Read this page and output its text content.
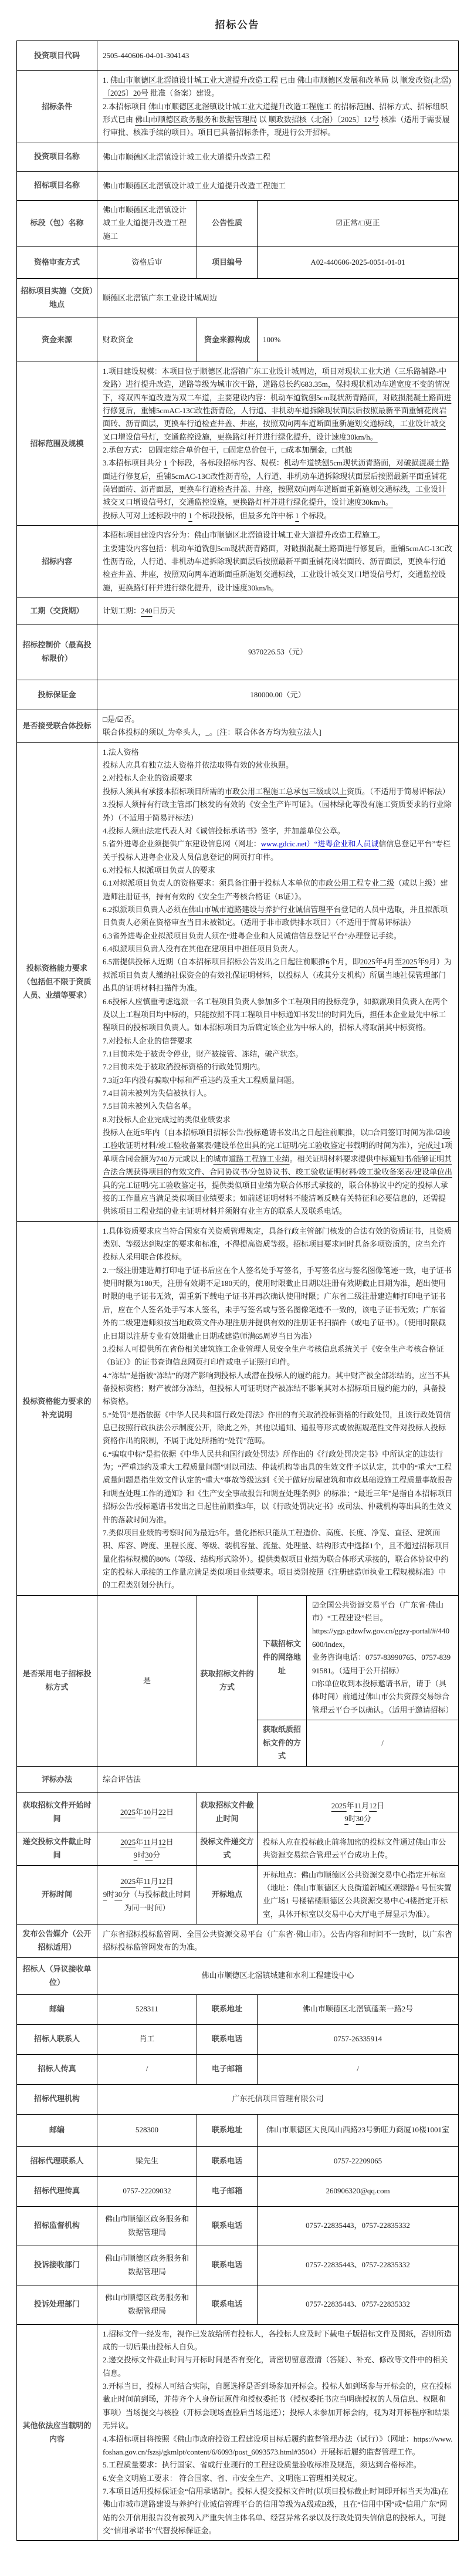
招标公告
投资项目代码	2505-440606-04-01-304143			
招标条件	1. 佛山市顺德区北滘镇设计城工业大道提升改造工程 已由 佛山市顺德区发展和改革局 以 顺发改资(北滘)〔2025〕20号 批准（备案）建设。
2.本招标项目 佛山市顺德区北滘镇设计城工业大道提升改造工程施工 的招标范围、招标方式、招标组织形式已由 佛山市顺德区政务服务和数据管理局 以 顺政数招核（北滘）〔2025〕12号 核准（适用于需要履行审批、核准手续的项目）。项目已具备招标条件，现进行公开招标。			

投资项目名称	佛山市顺德区北滘镇设计城工业大道提升改造工程			
招标项目名称	佛山市顺德区北滘镇设计城工业大道提升改造工程施工			
标段（包）名称	佛山市顺德区北滘镇设计城工业大道提升改造工程施工	公告性质	☑正常/□更正	
资格审查方式	资格后审	项目编号	A02-440606-2025-0051-01-01	
招标项目实施（交货）地点	顺德区北滘镇广东工业设计城周边			
资金来源	财政资金	资金来源构成	100%	
招标范围及规模	1.项目建设规模：本项目位于顺德区北滘镇广东工业设计城周边，项目对现状工业大道（三乐路辅路-中发路）进行提升改造，道路等级为城市次干路，道路总长约683.35m，保持现状机动车道宽度不变的情况下，将双四车道改造为双二车道，主要建设内容：机动车道铣刨5cm现状沥青路面，对破损混凝土路面进行修复后，重铺5cmAC-13C改性沥青砼，人行道、非机动车道拆除现状面层后按照最新平面重铺花岗岩面砖、沥青面层，更换车行道检查井盖、井座，按照双向两车道断面重新施划交通标线，工业设计城交叉口增设信号灯，交通监控设施，更换路灯杆并进行绿化提升，设计速度30km/h。
2.承包方式： ☑固定综合单价包干，□固定总价包干，□成本加酬金，□其他
3.本招标项目共分 1 个标段，各标段招标内容、规模：机动车道铣刨5cm现状沥青路面，对破损混凝土路面进行修复后，重铺5cmAC-13C改性沥青砼，人行道、非机动车道拆除现状面层后按照最新平面重铺花岗岩面砖、沥青面层，更换车行道检查井盖、井座，按照双向两车道断面重新施划交通标线，工业设计城交叉口增设信号灯，交通监控设施，更换路灯杆并进行绿化提升，设计速度30km/h。
投标人可对上述标段中的 1 个标段投标，但最多允许中标 1 个标段。			

招标内容	本招标项目建设内容分为：佛山市顺德区北滘镇设计城工业大道提升改造工程施工。
主要建设内容包括：机动车道铣刨5cm现状沥青路面，对破损混凝土路面进行修复后，重铺5cmAC-13C改性沥青砼，人行道、非机动车道拆除现状面层后按照最新平面重铺花岗岩面砖、沥青面层，更换车行道检查井盖、井座，按照双向两车道断面重新施划交通标线，工业设计城交叉口增设信号灯，交通监控设施，更换路灯杆并进行绿化提升，设计速度30km/h。			

工期（交货期）	计划工期：240日历天			

招标控制价（最高投标限价）	9370226.53（元）			
投标保证金	180000.00（元）			
是否接受联合体投标	□是/☑否。
联合体投标的须以_为牵头人，_。[注：联合体各方均为独立法人]			

投标资格能力要求（包括但不限于资质人员、业绩等要求）	
1.法人资格
投标人应具有独立法人资格并依法取得有效的营业执照。
2.对投标人企业的资质要求
投标人须具有承接本招标项目所需的市政公用工程施工总承包三级或以上资质。（不适用于简易评标法）
3.投标人须持有行政主管部门核发的有效的《安全生产许可证》。（园林绿化等没有施工资质要求的行业除外）（不适用于简易评标法）
4.投标人须由法定代表人对《诚信投标承诺书》签字，并加盖单位公章。
5.省外进粤企业须提供广东建设信息网（网址：www.gdcic.net）“进粤企业和人员诚信信息登记平台”专栏关于投标人进粤企业及人员信息登记的网页打印件。
6.对投标人拟派项目负责人的要求
6.1对拟派项目负责人的资格要求：须具备注册于投标人本单位的市政公用工程专业二级（或以上级）建造师注册证书，持有有效的《安全生产考核合格证（B证）》。
6.2拟派项目负责人必须在佛山市城市道路建设与养护行业诚信管理平台登记的人员中选取，并且拟派项目负责人必须在资格审查当日未被锁定。（适用于非市政供排水项目）（不适用于简易评标法）
6.3省外进粤企业拟派项目负责人须在“进粤企业和人员诚信信息登记平台”办理登记手续。
6.4拟派项目负责人没有在其他在建项目中担任项目负责人。
6.5需提供投标人近期（自本招标项目招标公告发出之日起往前顺推6个月，即2025年4月至2025年9月）为拟派项目负责人缴纳社保资金的有效社保证明材料，以投标人（或其分支机构）所属当地社保管理部门出具的证明材料扫描件为准。
6.6投标人应慎重考虑选派一名工程项目负责人参加多个工程项目的投标竞争，如拟派项目负责人在两个及以上工程项目均中标的，只能按照不同工程项目中标通知书发出的时间先后，担任本企业最先中标工程项目的投标项目负责人。如本招标项目为后确定该企业为中标人的，招标人将取消其中标资格。
7.对投标人企业的信誉要求
7.1目前未处于被责令停业，财产被接管、冻结，破产状态。
7.2目前未处于被取消投标资格的行政处罚期内。
7.3近3年内没有骗取中标和严重违约及重大工程质量问题。
7.4目前未被列为失信被执行人。
7.5目前未被列入失信名单。
8.对投标人企业完成过的类似业绩要求
投标人在近5年内（自本招标项目招标公告/投标邀请书发出之日起往前顺推，以□合同签订时间为准/☑竣工验收证明材料/竣工验收备案表/建设单位出具的完工证明/完工验收鉴定书载明的时间为准），完成过1项单项合同金额为740万元或以上的城市道路工程施工业绩。相关证明材料要求提供中标通知书/能够证明其合法合规获得项目的有效文件、合同协议书/分包协议书、竣工验收证明材料/竣工验收备案表/建设单位出具的完工证明/完工验收鉴定书，提供类似项目业绩为联合体形式承接的，联合体协议中约定的投标人承接的工作量应当满足类似项目业绩要求；如前述证明材料不能清晰反映有关特征和必要信息的，还需提供该项目工程业绩的业主证明材料并须附有业主方的联系人及联系电话。

投标资格能力要求的补充说明	
1.具体资质要求应当符合国家有关资质管理规定，具备行政主管部门核发的合法有效的资质证书，且资质类别、等级达到规定的要求和标准，不得提高资质等级。招标项目要求同时具备多项资质的，应当允许投标人采用联合体投标。
2.一级注册建造师打印电子证书后应在个人签名处手写签名，手写签名应与签名图像笔迹一致，电子证书使用时限为180天，注册有效期不足180天的，使用时限截止日期以注册有效期截止日期为准，超出使用时限的电子证书无效，需重新下载电子证书并再次确认使用时限；广东省二级注册建造师打印电子证书后，应在个人签名处手写本人签名，未手写签名或与签名图像笔迹不一致的，该电子证书无效；广东省外的二级建造师须按当地政策文件办理注册并提供有效的注册证书扫描件（或电子证书）。（使用时限截止日期以注册专业有效期截止日期或建造师满65周岁当日为准）
3.投标人可提供所在省份相关建筑施工企业管理人员安全生产考核信息系统关于《安全生产考核合格证（B证）》的证书查询信息网页打印件或电子证照打印件。
4.“冻结”是指被“冻结”的财产影响到投标人或潜在投标人的履约能力。其中财产被全部冻结的，应当不具备投标资格；财产被部分冻结，但投标人可证明财产被冻结不影响其对本招标项目履约能力的，具备投标资格。
5.“处罚”是指依据《中华人民共和国行政处罚法》作出的有关取消投标资格的行政处罚，且该行政处罚信息已按照行政执法公示制度公开，除此之外，其他以通知、通报等形式或依据规范性文件对投标人投标资格作出的限制，不属于此处所指的“处罚”范畴。
6.“骗取中标”是指依据《中华人民共和国行政处罚法》所作出的《行政处罚决定书》中所认定的违法行为；“严重违约及重大工程质量问题”则以司法、仲裁机构等出具的生效文件予以认定，其中的“重大”工程质量问题是指生效文件认定的“重大”事故等级达到《关于做好房屋建筑和市政基础设施工程质量事故报告和调查处理工作的通知》和《生产安全事故报告和调查处理条例》的标准；“最近三年”是指自本招标项目招标公告/投标邀请书发出之日起往前顺推3年，以《行政处罚决定书》或司法、仲裁机构等出具的生效文件的落款时间为准。
7.类似项目业绩的考察时间为最近5年。量化指标只能从工程造价、高度、长度、净宽、直径、建筑面积、库容、跨度、里程长度、等级、装机容量、流量、处理量、结构形式中选择1个，且不超过招标项目量化指标规模的80%（等级、结构形式除外）。提供类似项目业绩为联合体形式承接的，联合体协议中约定的投标人承接的工作量应满足类似项目业绩要求。项目类别按照《注册建造师执业工程规模标准》中的工程类别划分执行。

是否采用电子招标投标方式	是	获取招标文件的方式	下载招标文件的网络地址	☑全国公共资源交易平台（广东省·佛山市）“工程建设”栏目。
https://ygp.gdzwfw.gov.cn/ggzy-portal/#/440600/index，
业务咨询电话：0757-83990765、0757-83991581。（适用于公开招标）
□你单位收到本投标邀请书后，请于（具体时间）前通过佛山市公共资源交易综合管理云平台予以确认。（适用于邀请招标）

			获取纸质招标文件的方式	/
评标办法	综合评估法			
获取招标文件开始时间	2025年10月22日	获取招标文件截止时间	2025年11月12日
9时30分	

递交投标文件截止时间	2025年11月12日
9时30分	投标文件递交方式	投标人应在投标截止前将加密的投标文件通过佛山市公共资源交易综合管理云平台成功上传。	
开标时间	2025年11月12日
9时30分（与投标截止时间为同一时间）	开标地点	开标地点：佛山市顺德区公共资源交易中心指定开标室（地址：佛山市顺德区大良街道新城区观绿路4 号恒实置业广场1 号楼裙楼顺德区公共资源交易中心4楼指定开标室，具体开标室以交易中心大厅电子屏显示为准）。	
发布公告媒介（公开招标适用）	广东省招标投标监管网、全国公共资源交易平台（广东省·佛山市）。公告内容和时间不一致时，以广东省招标投标监管网发布的为准。			
招标人（异议接收单位）	佛山市顺德区北滘镇城建和水利工程建设中心			
邮编	528311	联系地址	佛山市顺德区北滘镇蓬莱一路2号	
招标人联系人	肖工	联系电话	0757-26335914	
招标人传真	/	电子邮箱	/	
招标代理机构	广东托信项目管理有限公司			
邮编	528300	联系地址	佛山市顺德区大良凤山西路23号新旺力商厦10楼1001室	
招标代理联系人	梁先生	联系电话	0757-22209065	
招标代理传真	0757-22209032	电子邮箱	260906320@qq.com	
招标监督机构	佛山市顺德区政务服务和数据管理局	联系电话	0757-22835443，0757-22835332	
投诉接收部门	佛山市顺德区政务服务和数据管理局	联系电话	0757-22835443、0757-22835332	
投诉处理部门	佛山市顺德区政务服务和数据管理局	联系电话	0757-22835443、0757-22835332	
其他依法应当载明的内容	
1.招标文件一经发布，视作已发放给所有投标人，各投标人应及时下载电子版招标文件及图纸，否则所造成的一切后果由投标人自负。
2.递交投标文件截止时间与开标时间是否有变化，请密切留意澄清（答疑）、补充、修改等文件中的相关信息。
3.开标当日，投标人可结合实际，自愿选择是否到场参加开标会。投标人如到场参与开标会的，应在投标截止时间前到场，并带齐个人身份证原件和授权委托书（授权委托书应当明确授权的人员信息、权限和事项）当场提交与核验（开标会现场查验后当场退还）；投标人未参加开标会的，视为对开标程序和结果无异议。
4.本招标项目将按照《佛山市政府投资工程建设项目标后履约监督管理办法（试行）》（网址：https://www.foshan.gov.cn/fszsj/gkmlpt/content/6/6093/post_6093573.html#3504）开展标后履约监督管理工作。
5.工程质量要求：执行国家、省或行业现行的工程建设质量验收标准及规范，须达到合格标准。
6.安全文明施工要求： 符合国家、省、市安全生产、文明施工管理相关规定。
7.本项目适用投标保证金“信用承诺制”。投标人提交投标文件时(以项目投标截止时间即开标当天为准)在佛山市城市道路建设与养护行业诚信管理平台的信用等级为A级或B级，且在“信用中国”或“信用广东”网站的公开信用报告没有被列入严重失信主体名单、经营异常名录以及行政处罚失信信息的投标人，可提交“信用承诺书”代替投标保证金。
